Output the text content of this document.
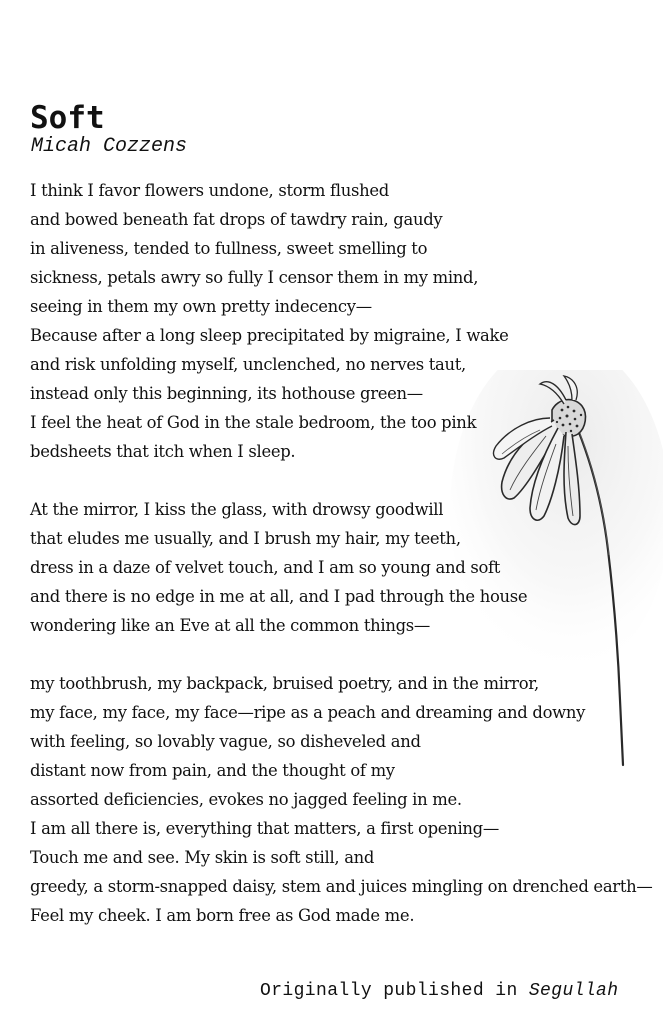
Soft
Micah Cozzens
I think I favor flowers undone, storm flushed
and bowed beneath fat drops of tawdry rain, gaudy
in aliveness, tended to fullness, sweet smelling to
sickness, petals awry so fully I censor them in my mind,
seeing in them my own pretty indecency—
Because after a long sleep precipitated by migraine, I wake
and risk unfolding myself, unclenched, no nerves taut,
instead only this beginning, its hothouse green—
I feel the heat of God in the stale bedroom, the too pink
bedsheets that itch when I sleep.
At the mirror, I kiss the glass, with drowsy goodwill
that eludes me usually, and I brush my hair, my teeth,
dress in a daze of velvet touch, and I am so young and soft
and there is no edge in me at all, and I pad through the house
wondering like an Eve at all the common things—
my toothbrush, my backpack, bruised poetry, and in the mirror,
my face, my face, my face—ripe as a peach and dreaming and downy
with feeling, so lovably vague, so disheveled and
distant now from pain, and the thought of my
assorted deficiencies, evokes no jagged feeling in me.
I am all there is, everything that matters, a first opening—
Touch me and see. My skin is soft still, and
greedy, a storm-snapped daisy, stem and juices mingling on drenched earth—
Feel my cheek. I am born free as God made me.
Originally published in Segullah
